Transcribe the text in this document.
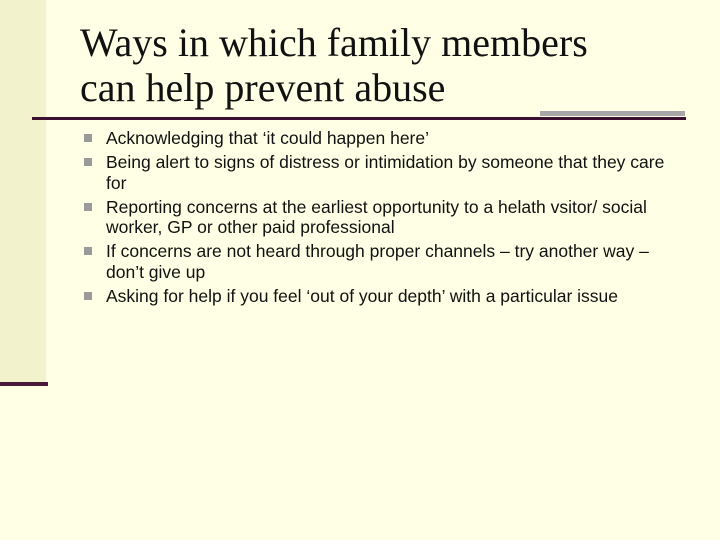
Ways in which family members
can help prevent abuse
Acknowledging that ‘it could happen here’
Being alert to signs of distress or intimidation by someone that they care for
Reporting concerns at the earliest opportunity to a helath vsitor/ social worker, GP or other paid professional
If concerns are not heard through proper channels – try another way – don’t give up
Asking for help if you feel ‘out of your depth’ with a particular issue
